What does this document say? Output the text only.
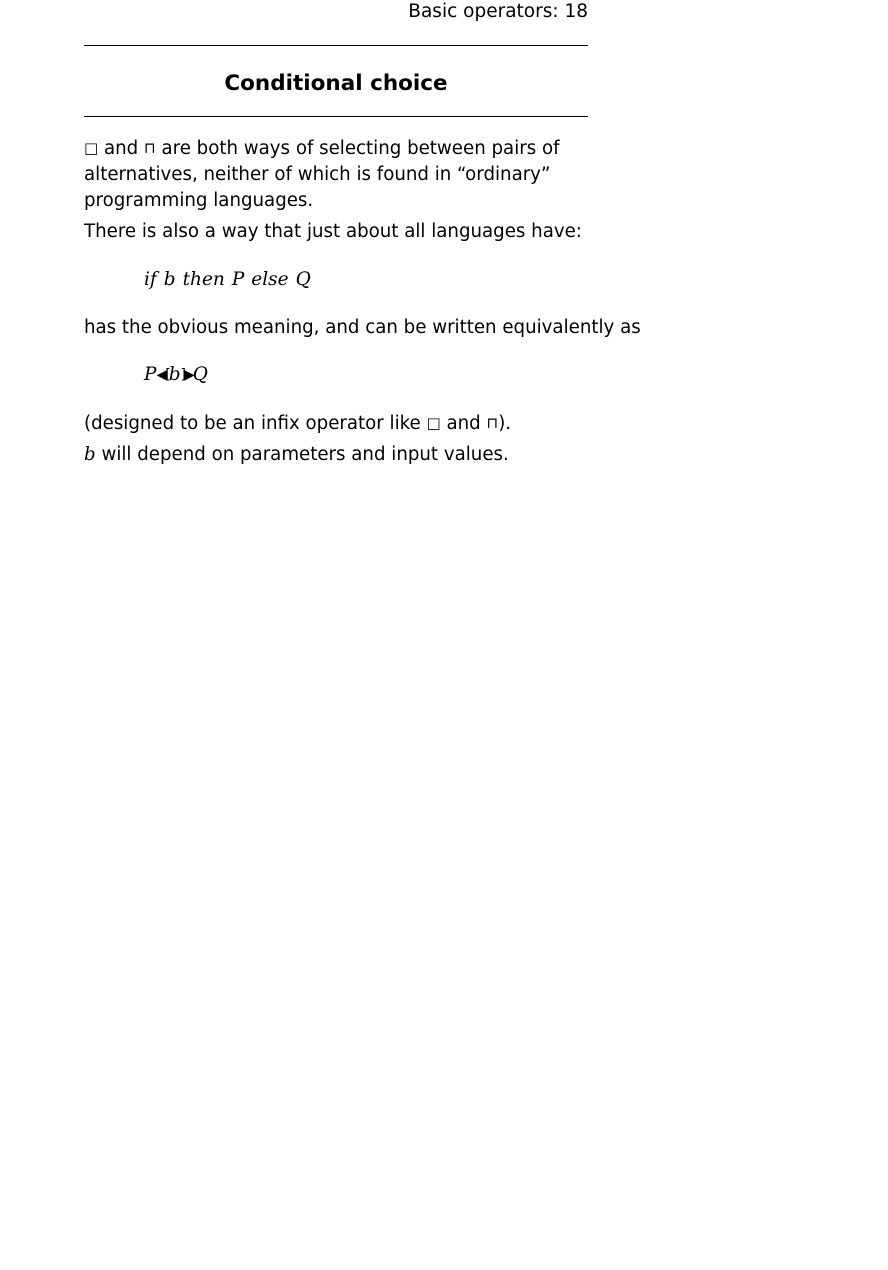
Basic operators: 18
Conditional choice
□ and ⊓ are both ways of selecting between pairs of
alternatives, neither of which is found in “ordinary”
programming languages.
There is also a way that just about all languages have:
if b then P else Q
has the obvious meaning, and can be written equivalently as
P◀[b]▶Q
(designed to be an infix operator like □ and ⊓).
b will depend on parameters and input values.
